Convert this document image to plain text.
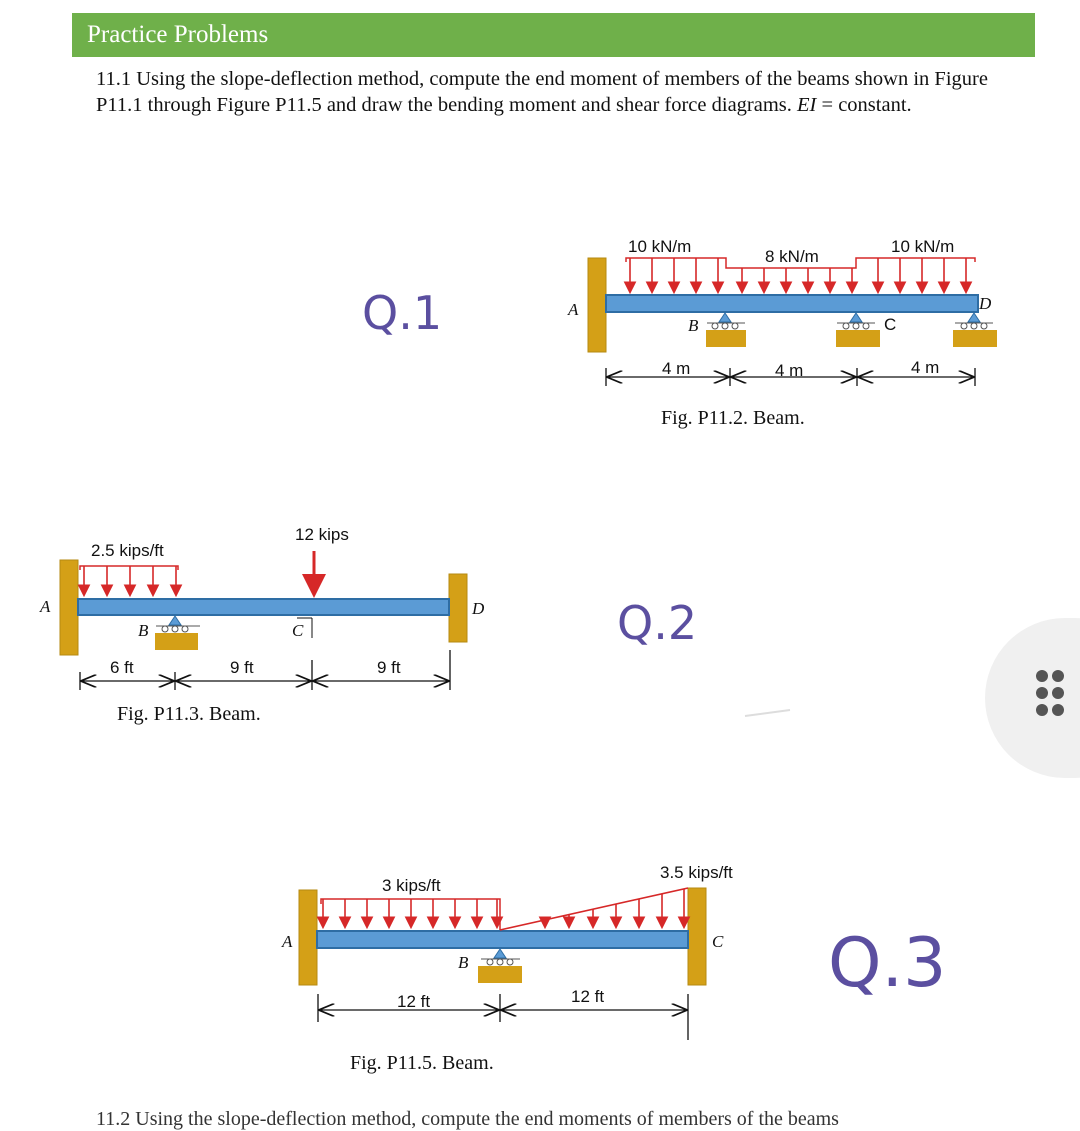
Practice Problems
11.1 Using the slope-deflection method, compute the end moment of members of the beams shown in Figure P11.1 through Figure P11.5 and draw the bending moment and shear force diagrams. EI = constant.
Q.1
Q.2
Q.3
10 kN/m
8 kN/m
10 kN/m
4 m	4 m	4 m
2.5 kips/ft
12 kips
6 ft	9 ft	9 ft
3 kips/ft
3.5 kips/ft
12 ft	12 ft
A
B	C
D
A
B	C
D
A
B
C
Fig. P11.2. Beam.
Fig. P11.3. Beam.
Fig. P11.5. Beam.
11.2 Using the slope-deflection method, compute the end moments of members of the beams
